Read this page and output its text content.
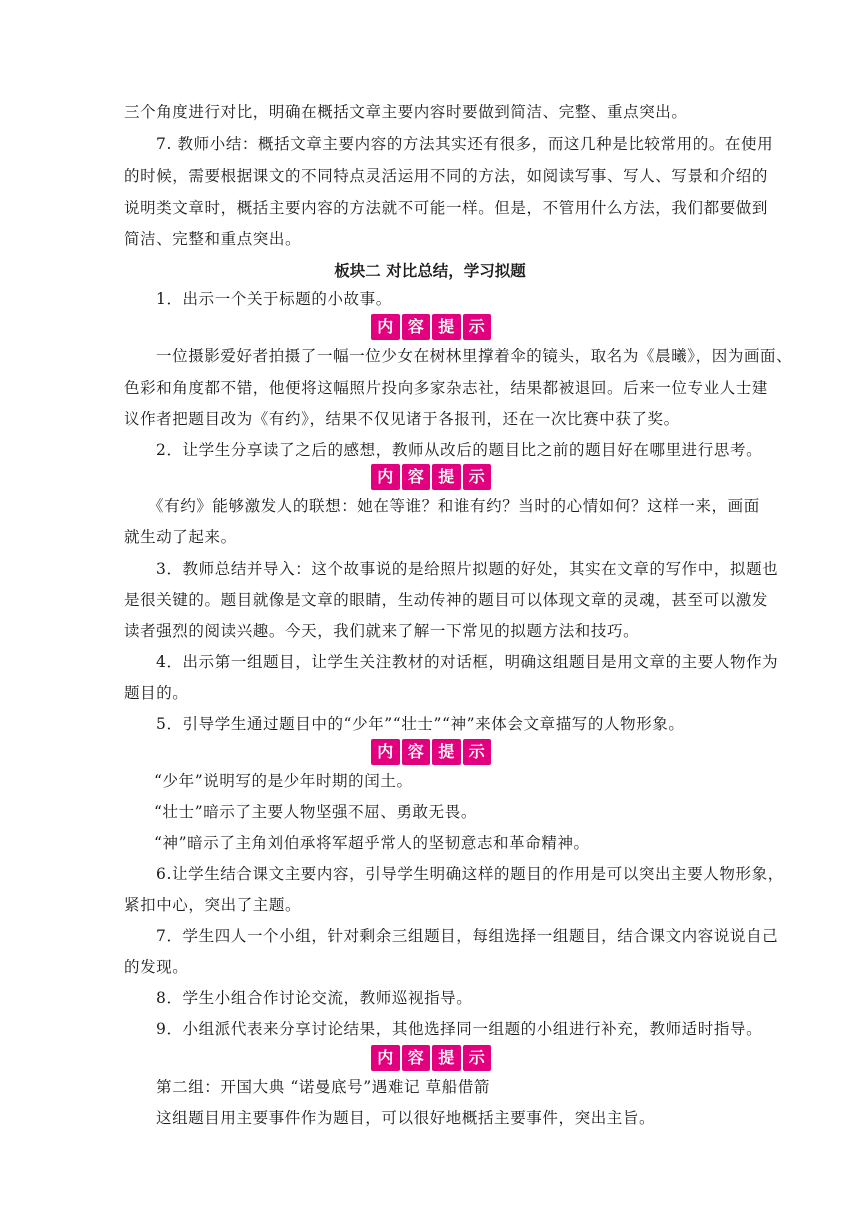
三个角度进行对比，明确在概括文章主要内容时要做到简洁、完整、重点突出。
7. 教师小结：概括文章主要内容的方法其实还有很多，而这几种是比较常用的。在使用
的时候，需要根据课文的不同特点灵活运用不同的方法，如阅读写事、写人、写景和介绍的
说明类文章时，概括主要内容的方法就不可能一样。但是，不管用什么方法，我们都要做到
简洁、完整和重点突出。
板块二 对比总结，学习拟题
1．出示一个关于标题的小故事。
内 容 提 示
一位摄影爱好者拍摄了一幅一位少女在树林里撑着伞的镜头，取名为《晨曦》，因为画面、
色彩和角度都不错，他便将这幅照片投向多家杂志社，结果都被退回。后来一位专业人士建
议作者把题目改为《有约》，结果不仅见诸于各报刊，还在一次比赛中获了奖。
2．让学生分享读了之后的感想，教师从改后的题目比之前的题目好在哪里进行思考。
内 容 提 示
《有约》能够激发人的联想：她在等谁？和谁有约？当时的心情如何？这样一来，画面
就生动了起来。
3．教师总结并导入：这个故事说的是给照片拟题的好处，其实在文章的写作中，拟题也
是很关键的。题目就像是文章的眼睛，生动传神的题目可以体现文章的灵魂，甚至可以激发
读者强烈的阅读兴趣。今天，我们就来了解一下常见的拟题方法和技巧。
4．出示第一组题目，让学生关注教材的对话框，明确这组题目是用文章的主要人物作为
题目的。
5．引导学生通过题目中的“少年”“壮士”“神”来体会文章描写的人物形象。
内 容 提 示
“少年”说明写的是少年时期的闰土。
“壮士”暗示了主要人物坚强不屈、勇敢无畏。
“神”暗示了主角刘伯承将军超乎常人的坚韧意志和革命精神。
6.让学生结合课文主要内容，引导学生明确这样的题目的作用是可以突出主要人物形象，
紧扣中心，突出了主题。
7．学生四人一个小组，针对剩余三组题目，每组选择一组题目，结合课文内容说说自己
的发现。
8．学生小组合作讨论交流，教师巡视指导。
9．小组派代表来分享讨论结果，其他选择同一组题的小组进行补充，教师适时指导。
内 容 提 示
第二组：开国大典 “诺曼底号”遇难记 草船借箭
这组题目用主要事件作为题目，可以很好地概括主要事件，突出主旨。
